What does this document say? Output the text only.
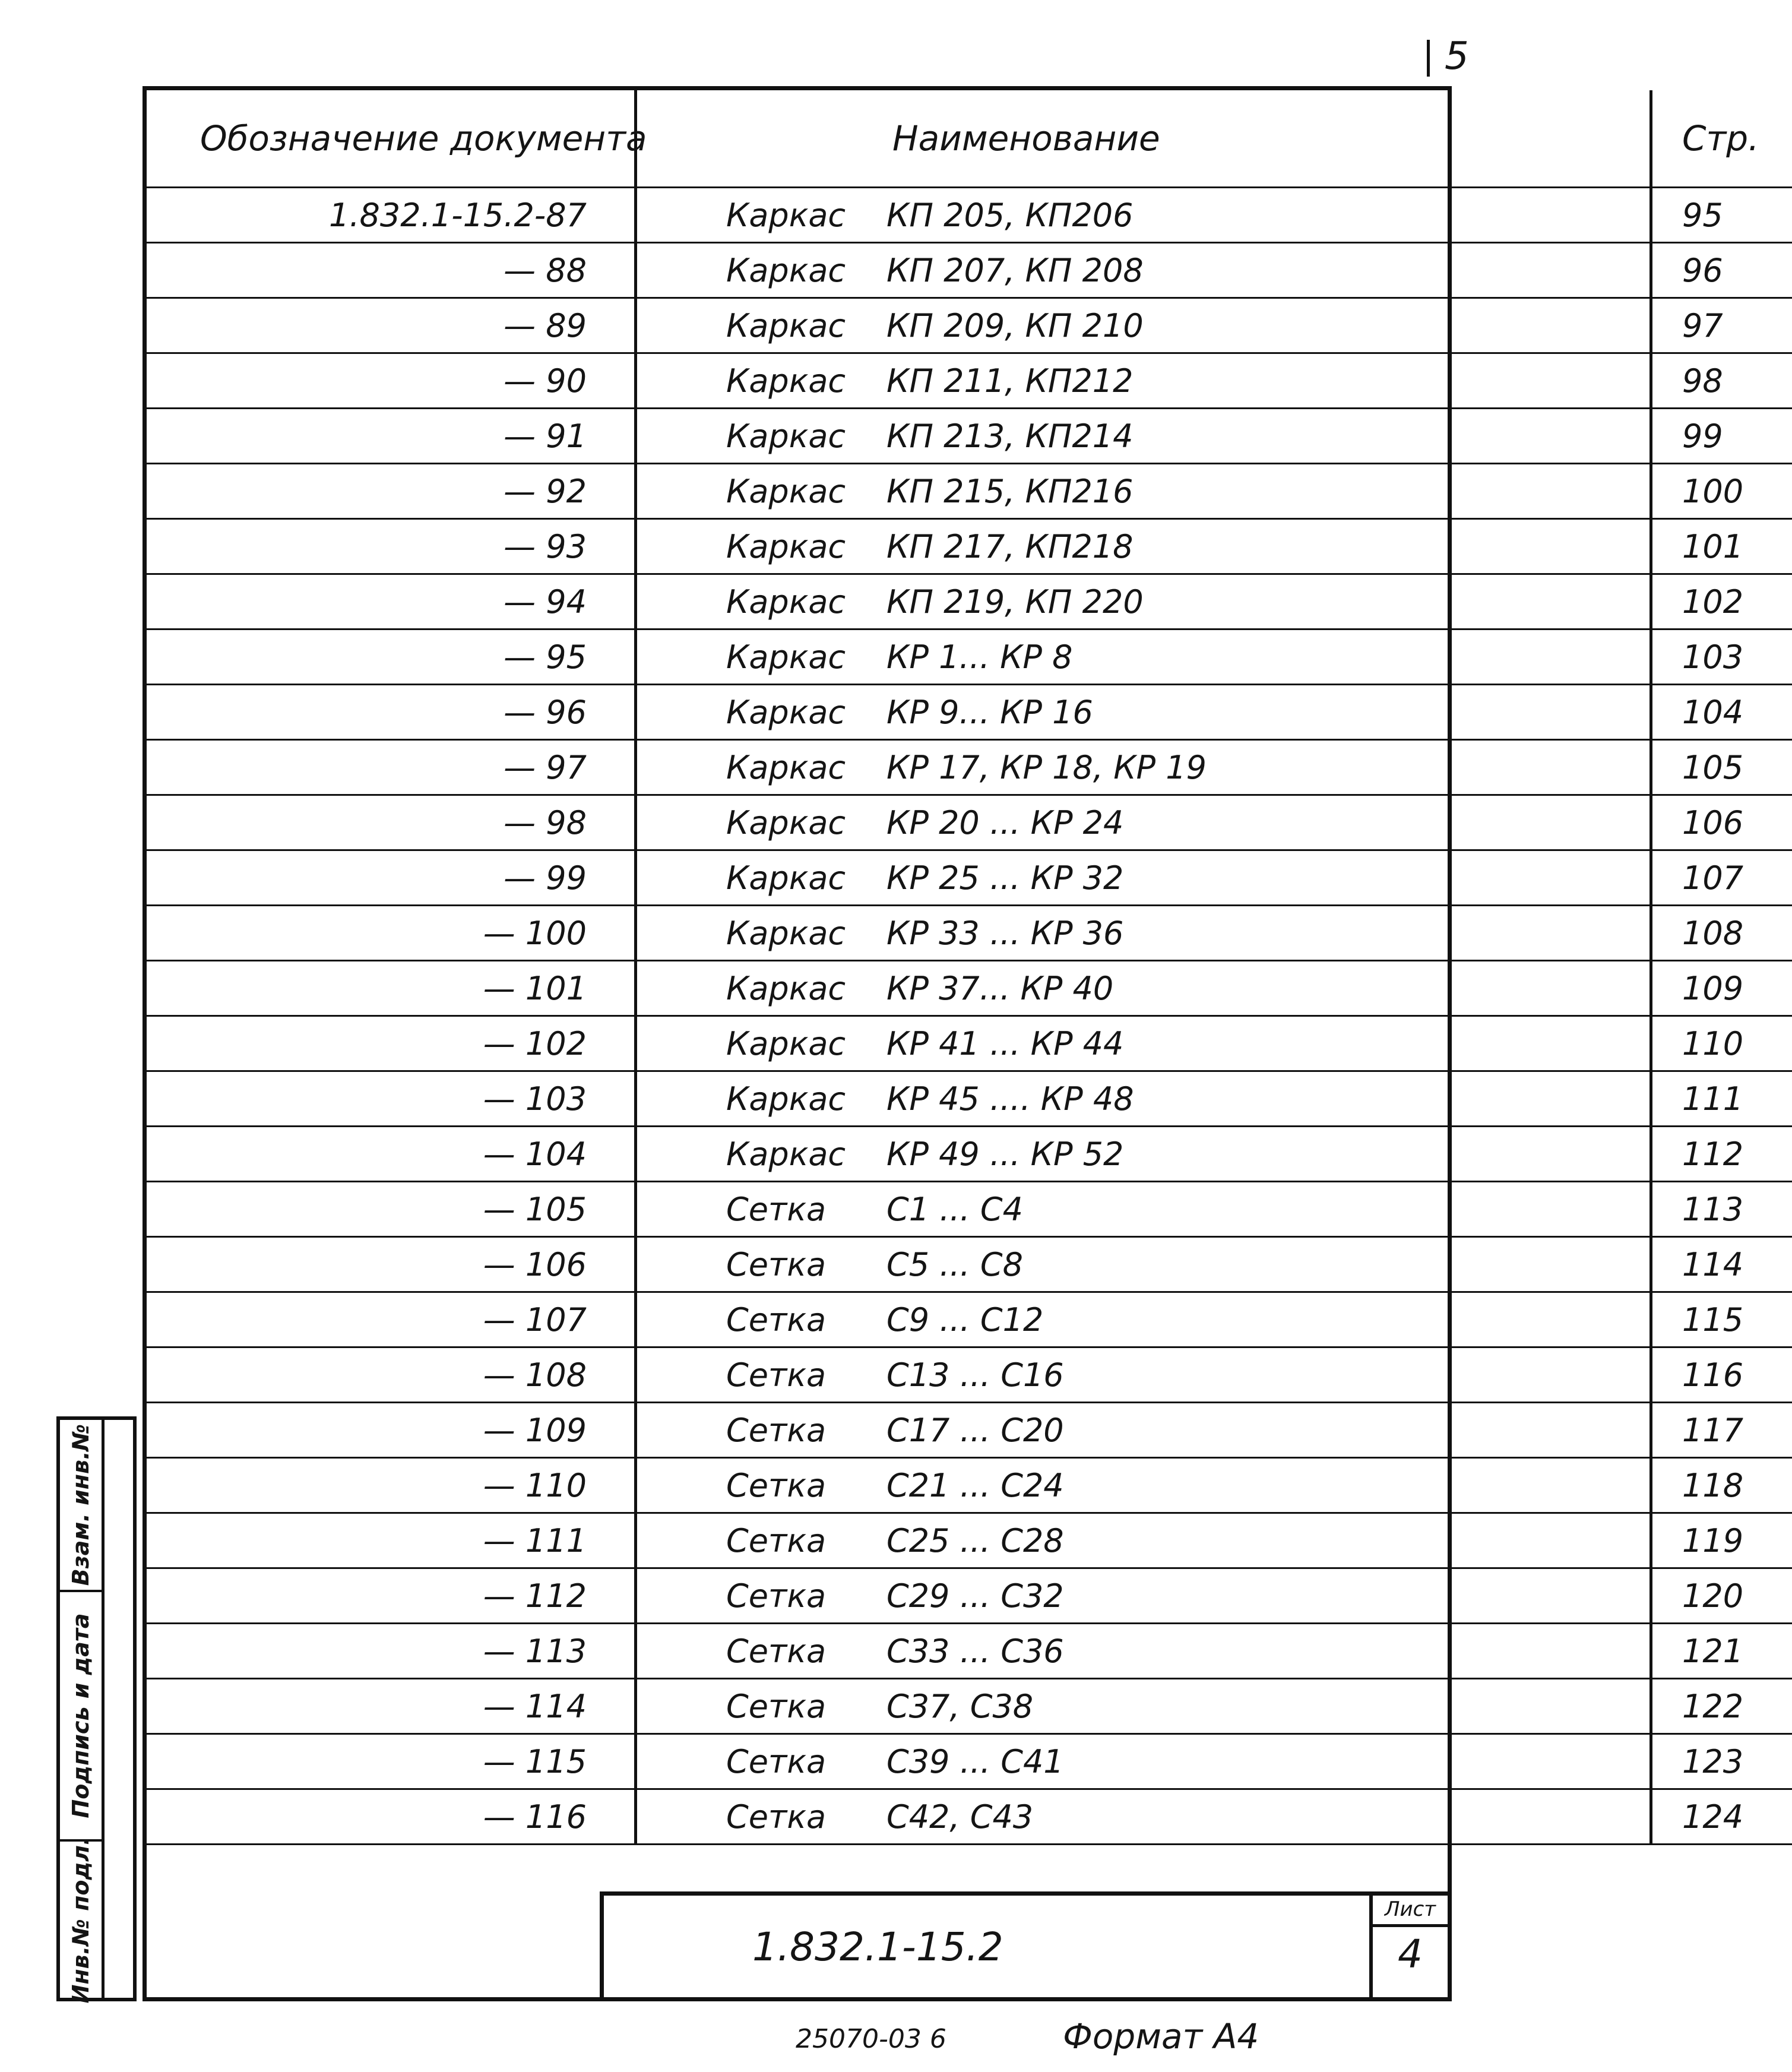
5
Обозначение документа	Наименование	Стр.
1.832.1-15.2-87	Каркас КП 205, КП206	95
— 88	Каркас КП 207, КП 208	96
— 89	Каркас КП 209, КП 210	97
— 90	Каркас КП 211, КП212	98
— 91	Каркас КП 213, КП214	99
— 92	Каркас КП 215, КП216	100
— 93	Каркас КП 217, КП218	101
— 94	Каркас КП 219, КП 220	102
— 95	Каркас КР 1... КР 8	103
— 96	Каркас КР 9... КР 16	104
— 97	Каркас КР 17, КР 18, КР 19	105
— 98	Каркас КР 20 ... КР 24	106
— 99	Каркас КР 25 ... КР 32	107
— 100	Каркас КР 33 ... КР 36	108
— 101	Каркас КР 37... КР 40	109
— 102	Каркас КР 41 ... КР 44	110
— 103	Каркас КР 45 .... КР 48	111
— 104	Каркас КР 49 ... КР 52	112
— 105	Сетка С1 ... С4	113
— 106	Сетка С5 ... С8	114
— 107	Сетка С9 ... С12	115
— 108	Сетка С13 ... С16	116
— 109	Сетка С17 ... С20	117
— 110	Сетка С21 ... С24	118
— 111	Сетка С25 ... С28	119
— 112	Сетка С29 ... С32	120
— 113	Сетка С33 ... С36	121
— 114	Сетка С37, С38	122
— 115	Сетка С39 ... С41	123
— 116	Сетка С42, С43	124
Взам. инв.№
Подпись и дата
Инв.№ подл.	1.832.1-15.2
Лист
4
25070-03 6	Формат А4
